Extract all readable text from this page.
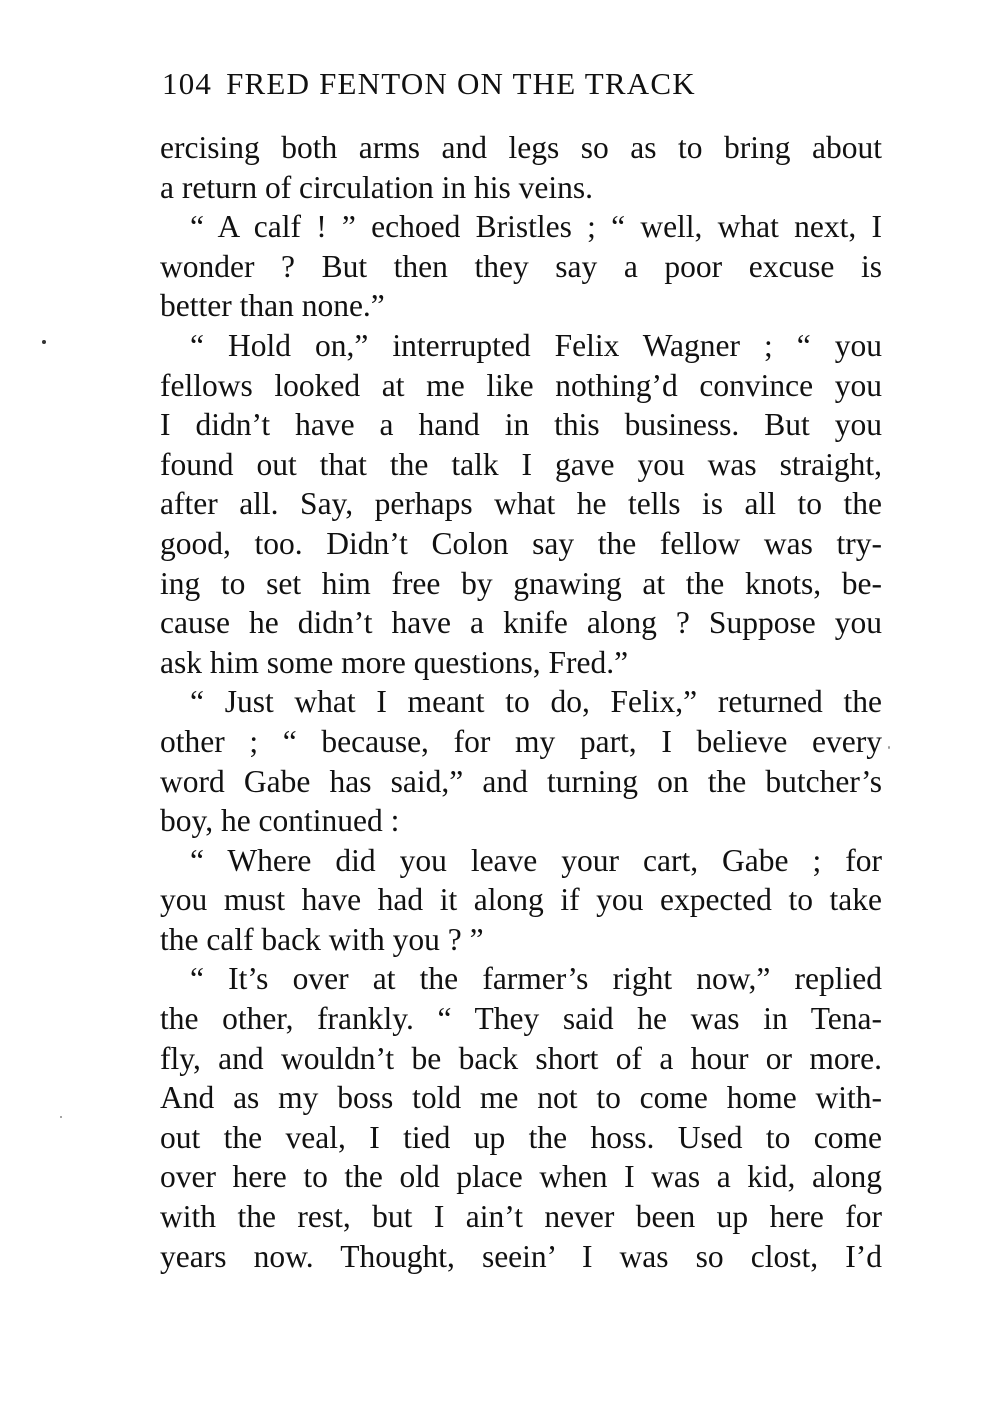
104 FRED FENTON ON THE TRACK
ercising both arms and legs so as to bring about
a return of circulation in his veins.
“ A calf ! ” echoed Bristles ; “ well, what next, I
wonder ? But then they say a poor excuse is
better than none.”
“ Hold on,” interrupted Felix Wagner ; “ you
fellows looked at me like nothing’d convince you
I didn’t have a hand in this business. But you
found out that the talk I gave you was straight,
after all. Say, perhaps what he tells is all to the
good, too. Didn’t Colon say the fellow was try-
ing to set him free by gnawing at the knots, be-
cause he didn’t have a knife along ? Suppose you
ask him some more questions, Fred.”
“ Just what I meant to do, Felix,” returned the
other ; “ because, for my part, I believe every
word Gabe has said,” and turning on the butcher’s
boy, he continued :
“ Where did you leave your cart, Gabe ; for
you must have had it along if you expected to take
the calf back with you ? ”
“ It’s over at the farmer’s right now,” replied
the other, frankly. “ They said he was in Tena-
fly, and wouldn’t be back short of a hour or more.
And as my boss told me not to come home with-
out the veal, I tied up the hoss. Used to come
over here to the old place when I was a kid, along
with the rest, but I ain’t never been up here for
years now. Thought, seein’ I was so clost, I’d
